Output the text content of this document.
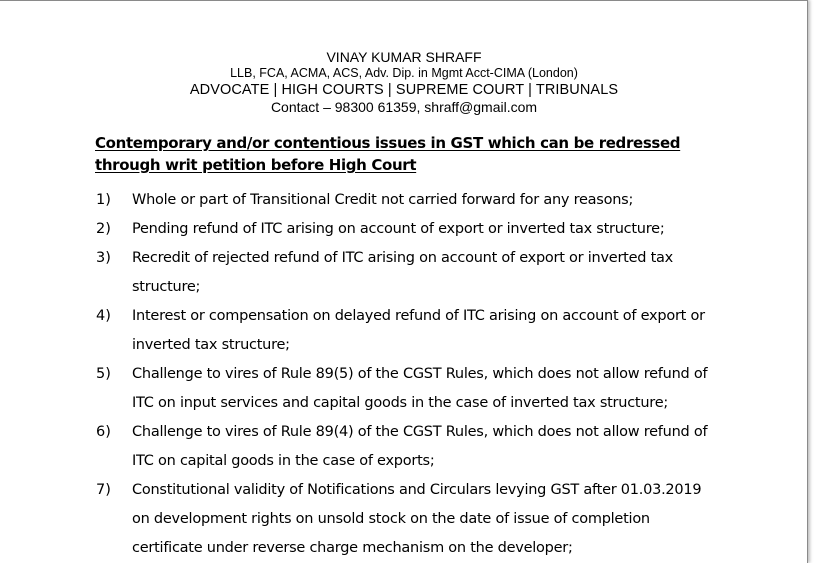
VINAY KUMAR SHRAFF
LLB, FCA, ACMA, ACS, Adv. Dip. in Mgmt Acct-CIMA (London)
ADVOCATE | HIGH COURTS | SUPREME COURT | TRIBUNALS
Contact – 98300 61359, shraff@gmail.com
Contemporary and/or contentious issues in GST which can be redressed
through writ petition before High Court
1) Whole or part of Transitional Credit not carried forward for any reasons;
2) Pending refund of ITC arising on account of export or inverted tax structure;
3) Recredit of rejected refund of ITC arising on account of export or inverted tax
structure;
4) Interest or compensation on delayed refund of ITC arising on account of export or
inverted tax structure;
5) Challenge to vires of Rule 89(5) of the CGST Rules, which does not allow refund of
ITC on input services and capital goods in the case of inverted tax structure;
6) Challenge to vires of Rule 89(4) of the CGST Rules, which does not allow refund of
ITC on capital goods in the case of exports;
7) Constitutional validity of Notifications and Circulars levying GST after 01.03.2019
on development rights on unsold stock on the date of issue of completion
certificate under reverse charge mechanism on the developer;
